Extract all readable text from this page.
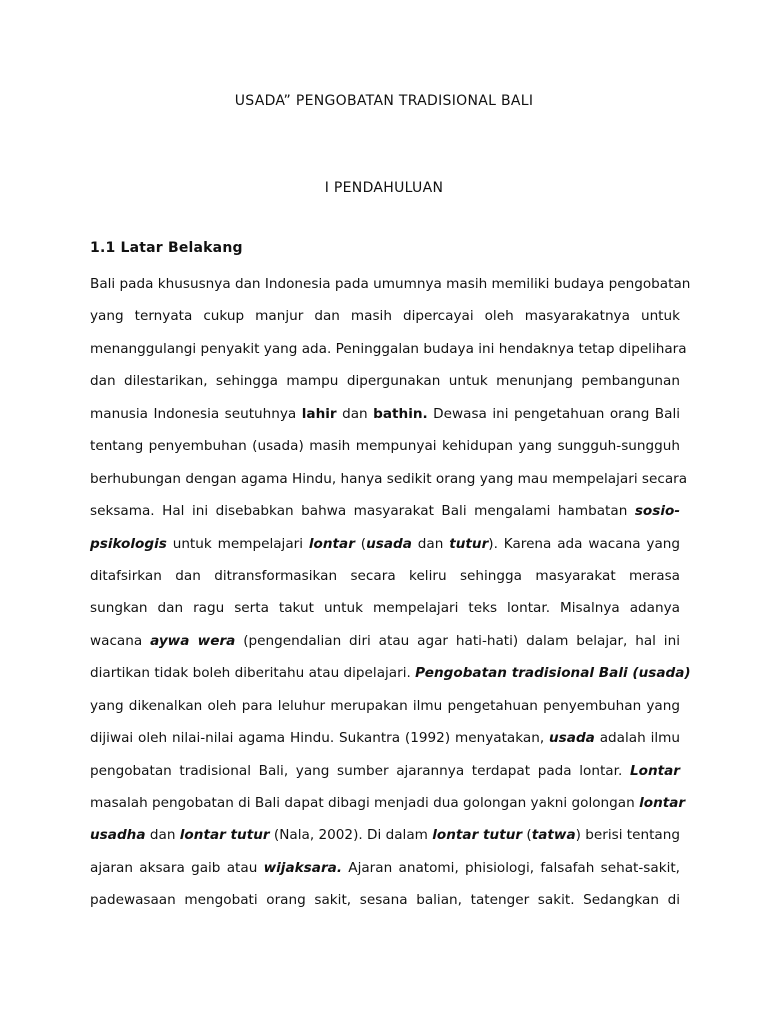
USADA” PENGOBATAN TRADISIONAL BALI
I PENDAHULUAN
1.1 Latar Belakang
Bali pada khususnya dan Indonesia pada umumnya masih memiliki budaya pengobatan
yang ternyata cukup manjur dan masih dipercayai oleh masyarakatnya untuk
menanggulangi penyakit yang ada. Peninggalan budaya ini hendaknya tetap dipelihara
dan dilestarikan, sehingga mampu dipergunakan untuk menunjang pembangunan
manusia Indonesia seutuhnya lahir dan bathin. Dewasa ini pengetahuan orang Bali
tentang penyembuhan (usada) masih mempunyai kehidupan yang sungguh-sungguh
berhubungan dengan agama Hindu, hanya sedikit orang yang mau mempelajari secara
seksama. Hal ini disebabkan bahwa masyarakat Bali mengalami hambatan sosio-
psikologis untuk mempelajari lontar (usada dan tutur). Karena ada wacana yang
ditafsirkan dan ditransformasikan secara keliru sehingga masyarakat merasa
sungkan dan ragu serta takut untuk mempelajari teks lontar. Misalnya adanya
wacana aywa wera (pengendalian diri atau agar hati-hati) dalam belajar, hal ini
diartikan tidak boleh diberitahu atau dipelajari. Pengobatan tradisional Bali (usada)
yang dikenalkan oleh para leluhur merupakan ilmu pengetahuan penyembuhan yang
dijiwai oleh nilai-nilai agama Hindu. Sukantra (1992) menyatakan, usada adalah ilmu
pengobatan tradisional Bali, yang sumber ajarannya terdapat pada lontar. Lontar
masalah pengobatan di Bali dapat dibagi menjadi dua golongan yakni golongan lontar
usadha dan lontar tutur (Nala, 2002). Di dalam lontar tutur (tatwa) berisi tentang
ajaran aksara gaib atau wijaksara. Ajaran anatomi, phisiologi, falsafah sehat-sakit,
padewasaan mengobati orang sakit, sesana balian, tatenger sakit. Sedangkan di
